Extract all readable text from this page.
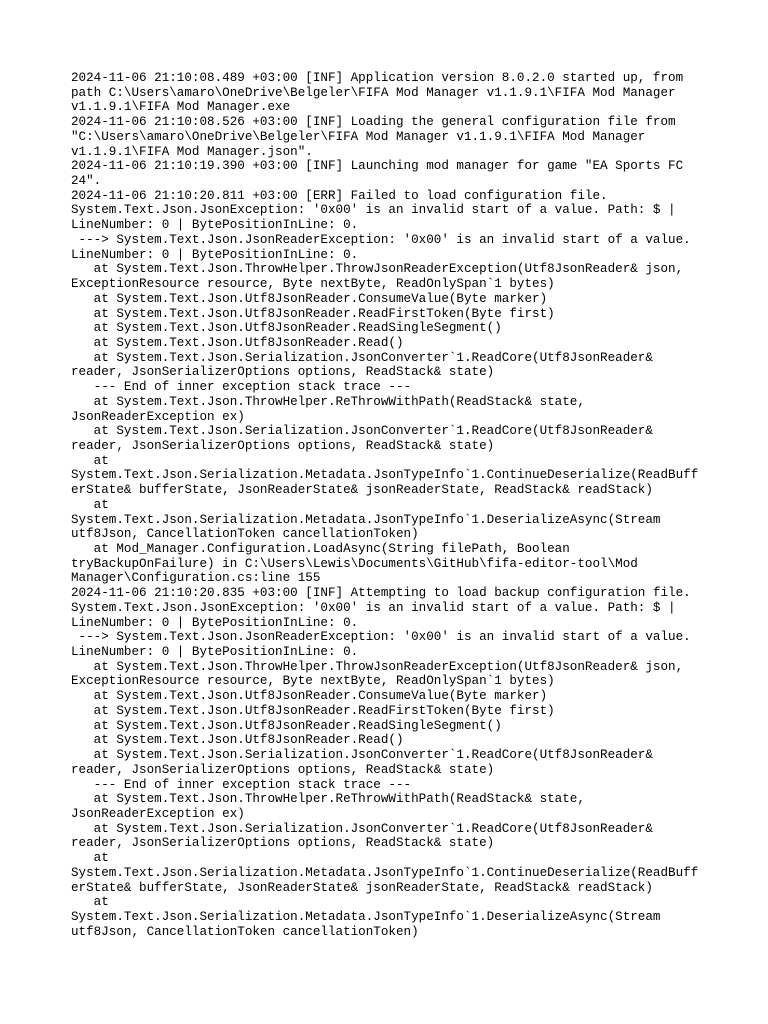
2024-11-06 21:10:08.489 +03:00 [INF] Application version 8.0.2.0 started up, from
path C:\Users\amaro\OneDrive\Belgeler\FIFA Mod Manager v1.1.9.1\FIFA Mod Manager
v1.1.9.1\FIFA Mod Manager.exe
2024-11-06 21:10:08.526 +03:00 [INF] Loading the general configuration file from
"C:\Users\amaro\OneDrive\Belgeler\FIFA Mod Manager v1.1.9.1\FIFA Mod Manager
v1.1.9.1\FIFA Mod Manager.json".
2024-11-06 21:10:19.390 +03:00 [INF] Launching mod manager for game "EA Sports FC
24".
2024-11-06 21:10:20.811 +03:00 [ERR] Failed to load configuration file.
System.Text.Json.JsonException: '0x00' is an invalid start of a value. Path: $ |
LineNumber: 0 | BytePositionInLine: 0.
---> System.Text.Json.JsonReaderException: '0x00' is an invalid start of a value.
LineNumber: 0 | BytePositionInLine: 0.
at System.Text.Json.ThrowHelper.ThrowJsonReaderException(Utf8JsonReader& json,
ExceptionResource resource, Byte nextByte, ReadOnlySpan`1 bytes)
at System.Text.Json.Utf8JsonReader.ConsumeValue(Byte marker)
at System.Text.Json.Utf8JsonReader.ReadFirstToken(Byte first)
at System.Text.Json.Utf8JsonReader.ReadSingleSegment()
at System.Text.Json.Utf8JsonReader.Read()
at System.Text.Json.Serialization.JsonConverter`1.ReadCore(Utf8JsonReader&
reader, JsonSerializerOptions options, ReadStack& state)
--- End of inner exception stack trace ---
at System.Text.Json.ThrowHelper.ReThrowWithPath(ReadStack& state,
JsonReaderException ex)
at System.Text.Json.Serialization.JsonConverter`1.ReadCore(Utf8JsonReader&
reader, JsonSerializerOptions options, ReadStack& state)
at
System.Text.Json.Serialization.Metadata.JsonTypeInfo`1.ContinueDeserialize(ReadBuff
erState& bufferState, JsonReaderState& jsonReaderState, ReadStack& readStack)
at
System.Text.Json.Serialization.Metadata.JsonTypeInfo`1.DeserializeAsync(Stream
utf8Json, CancellationToken cancellationToken)
at Mod_Manager.Configuration.LoadAsync(String filePath, Boolean
tryBackupOnFailure) in C:\Users\Lewis\Documents\GitHub\fifa-editor-tool\Mod
Manager\Configuration.cs:line 155
2024-11-06 21:10:20.835 +03:00 [INF] Attempting to load backup configuration file.
System.Text.Json.JsonException: '0x00' is an invalid start of a value. Path: $ |
LineNumber: 0 | BytePositionInLine: 0.
---> System.Text.Json.JsonReaderException: '0x00' is an invalid start of a value.
LineNumber: 0 | BytePositionInLine: 0.
at System.Text.Json.ThrowHelper.ThrowJsonReaderException(Utf8JsonReader& json,
ExceptionResource resource, Byte nextByte, ReadOnlySpan`1 bytes)
at System.Text.Json.Utf8JsonReader.ConsumeValue(Byte marker)
at System.Text.Json.Utf8JsonReader.ReadFirstToken(Byte first)
at System.Text.Json.Utf8JsonReader.ReadSingleSegment()
at System.Text.Json.Utf8JsonReader.Read()
at System.Text.Json.Serialization.JsonConverter`1.ReadCore(Utf8JsonReader&
reader, JsonSerializerOptions options, ReadStack& state)
--- End of inner exception stack trace ---
at System.Text.Json.ThrowHelper.ReThrowWithPath(ReadStack& state,
JsonReaderException ex)
at System.Text.Json.Serialization.JsonConverter`1.ReadCore(Utf8JsonReader&
reader, JsonSerializerOptions options, ReadStack& state)
at
System.Text.Json.Serialization.Metadata.JsonTypeInfo`1.ContinueDeserialize(ReadBuff
erState& bufferState, JsonReaderState& jsonReaderState, ReadStack& readStack)
at
System.Text.Json.Serialization.Metadata.JsonTypeInfo`1.DeserializeAsync(Stream
utf8Json, CancellationToken cancellationToken)
